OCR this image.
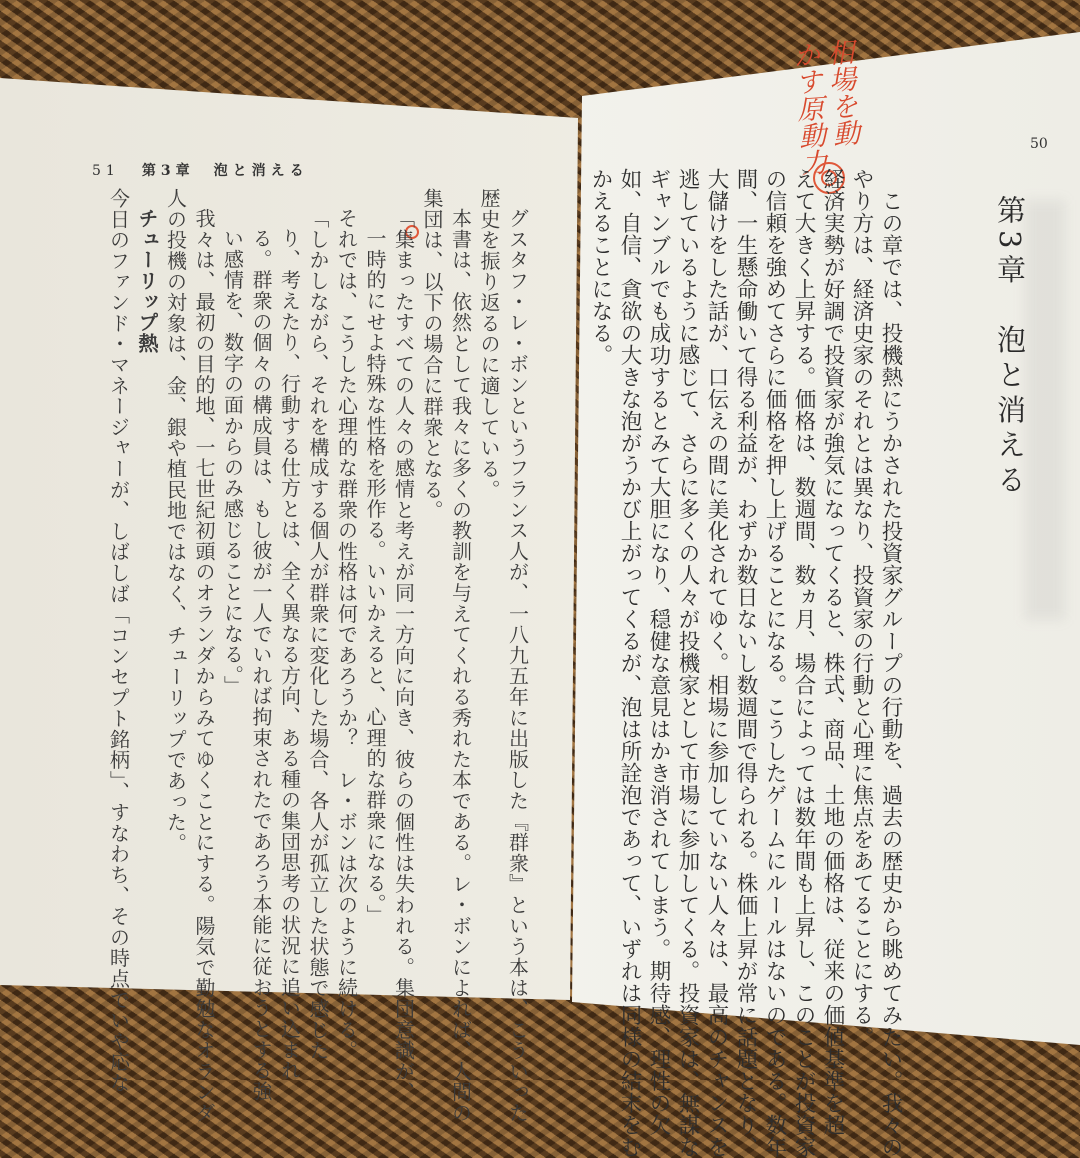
50
第3章　泡と消える
相場を動
かす原動力
この章では、投機熱にうかされた投資家グループの行動を、過去の歴史から眺めてみたい。我々の
やり方は、経済史家のそれとは異なり、投資家の行動と心理に焦点をあてることにする。
経済実勢が好調で投資家が強気になってくると、株式、商品、土地の価格は、従来の価値基準を超
えて大きく上昇する。価格は、数週間、数ヵ月、場合によっては数年間も上昇し、このことが投資家
の信頼を強めてさらに価格を押し上げることになる。こうしたゲームにルールはないのである。数年
間、一生懸命働いて得る利益が、わずか数日ないし数週間で得られる。株価上昇が常に話題となり、
大儲けをした話が、口伝えの間に美化されてゆく。相場に参加していない人々は、最高のチャンスを
逃しているように感じて、さらに多くの人々が投機家として市場に参加してくる。投資家は、無謀な
ギャンブルでも成功するとみて大胆になり、穏健な意見はかき消されてしまう。期待感、理性の欠
如、自信、貪欲の大きな泡がうかび上がってくるが、泡は所詮泡であって、いずれは同様の結末をむ
かえることになる。
51 第3章　泡と消える
グスタフ・レ・ボンというフランス人が、一八九五年に出版した『群衆』という本は、こういった
歴史を振り返るのに適している。
本書は、依然として我々に多くの教訓を与えてくれる秀れた本である。レ・ボンによれば、人間の
集団は、以下の場合に群衆となる。
「集まったすべての人々の感情と考えが同一方向に向き、彼らの個性は失われる。集団意識が、
一時的にせよ特殊な性格を形作る。いいかえると、心理的な群衆になる。」
それでは、こうした心理的な群衆の性格は何であろうか？　レ・ボンは次のように続ける。
「しかしながら、それを構成する個人が群衆に変化した場合、各人が孤立した状態で感じた
り、考えたり、行動する仕方とは、全く異なる方向、ある種の集団思考の状況に追い込まれ
る。群衆の個々の構成員は、もし彼が一人でいれば拘束されたであろう本能に従おうとする強
い感情を、数字の面からのみ感じることになる。」
我々は、最初の目的地、一七世紀初頭のオランダからみてゆくことにする。陽気で勤勉なオランダ
人の投機の対象は、金、銀や植民地ではなく、チューリップであった。
チューリップ熱
今日のファンド・マネージャーが、しばしば「コンセプト銘柄」、すなわち、その時点でいや応な
